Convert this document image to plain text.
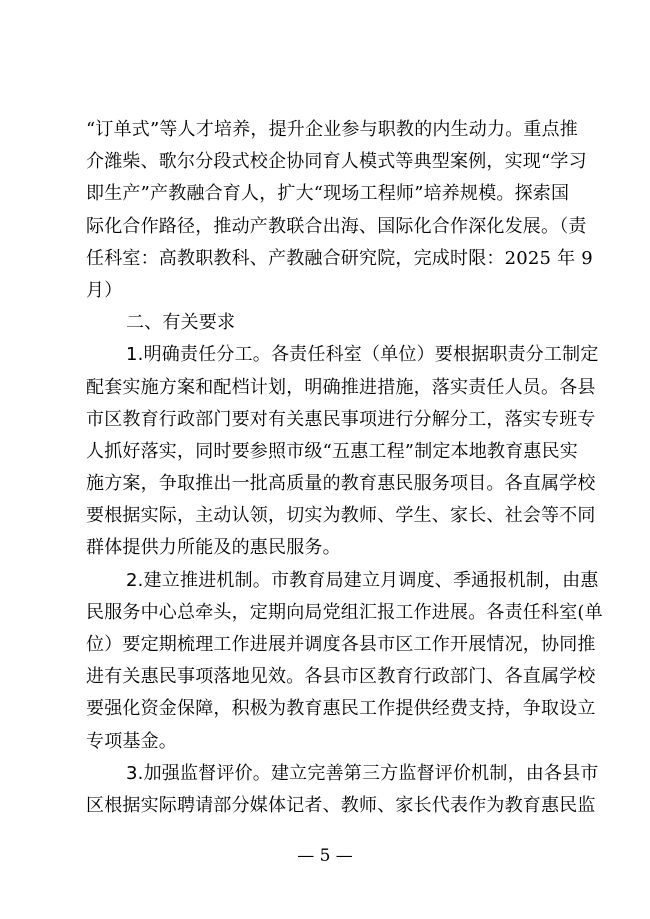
“订单式”等人才培养，提升企业参与职教的内生动力。重点推
介潍柴、歌尔分段式校企协同育人模式等典型案例，实现“学习
即生产”产教融合育人，扩大“现场工程师”培养规模。探索国
际化合作路径，推动产教联合出海、国际化合作深化发展。（责
任科室：高教职教科、产教融合研究院，完成时限：2025 年 9
月）
二、有关要求
1.明确责任分工。各责任科室（单位）要根据职责分工制定
配套实施方案和配档计划，明确推进措施，落实责任人员。各县
市区教育行政部门要对有关惠民事项进行分解分工，落实专班专
人抓好落实，同时要参照市级“五惠工程”制定本地教育惠民实
施方案，争取推出一批高质量的教育惠民服务项目。各直属学校
要根据实际，主动认领，切实为教师、学生、家长、社会等不同
群体提供力所能及的惠民服务。
2.建立推进机制。市教育局建立月调度、季通报机制，由惠
民服务中心总牵头，定期向局党组汇报工作进展。各责任科室(单
位）要定期梳理工作进展并调度各县市区工作开展情况，协同推
进有关惠民事项落地见效。各县市区教育行政部门、各直属学校
要强化资金保障，积极为教育惠民工作提供经费支持，争取设立
专项基金。
3.加强监督评价。建立完善第三方监督评价机制，由各县市
区根据实际聘请部分媒体记者、教师、家长代表作为教育惠民监
— 5 —
